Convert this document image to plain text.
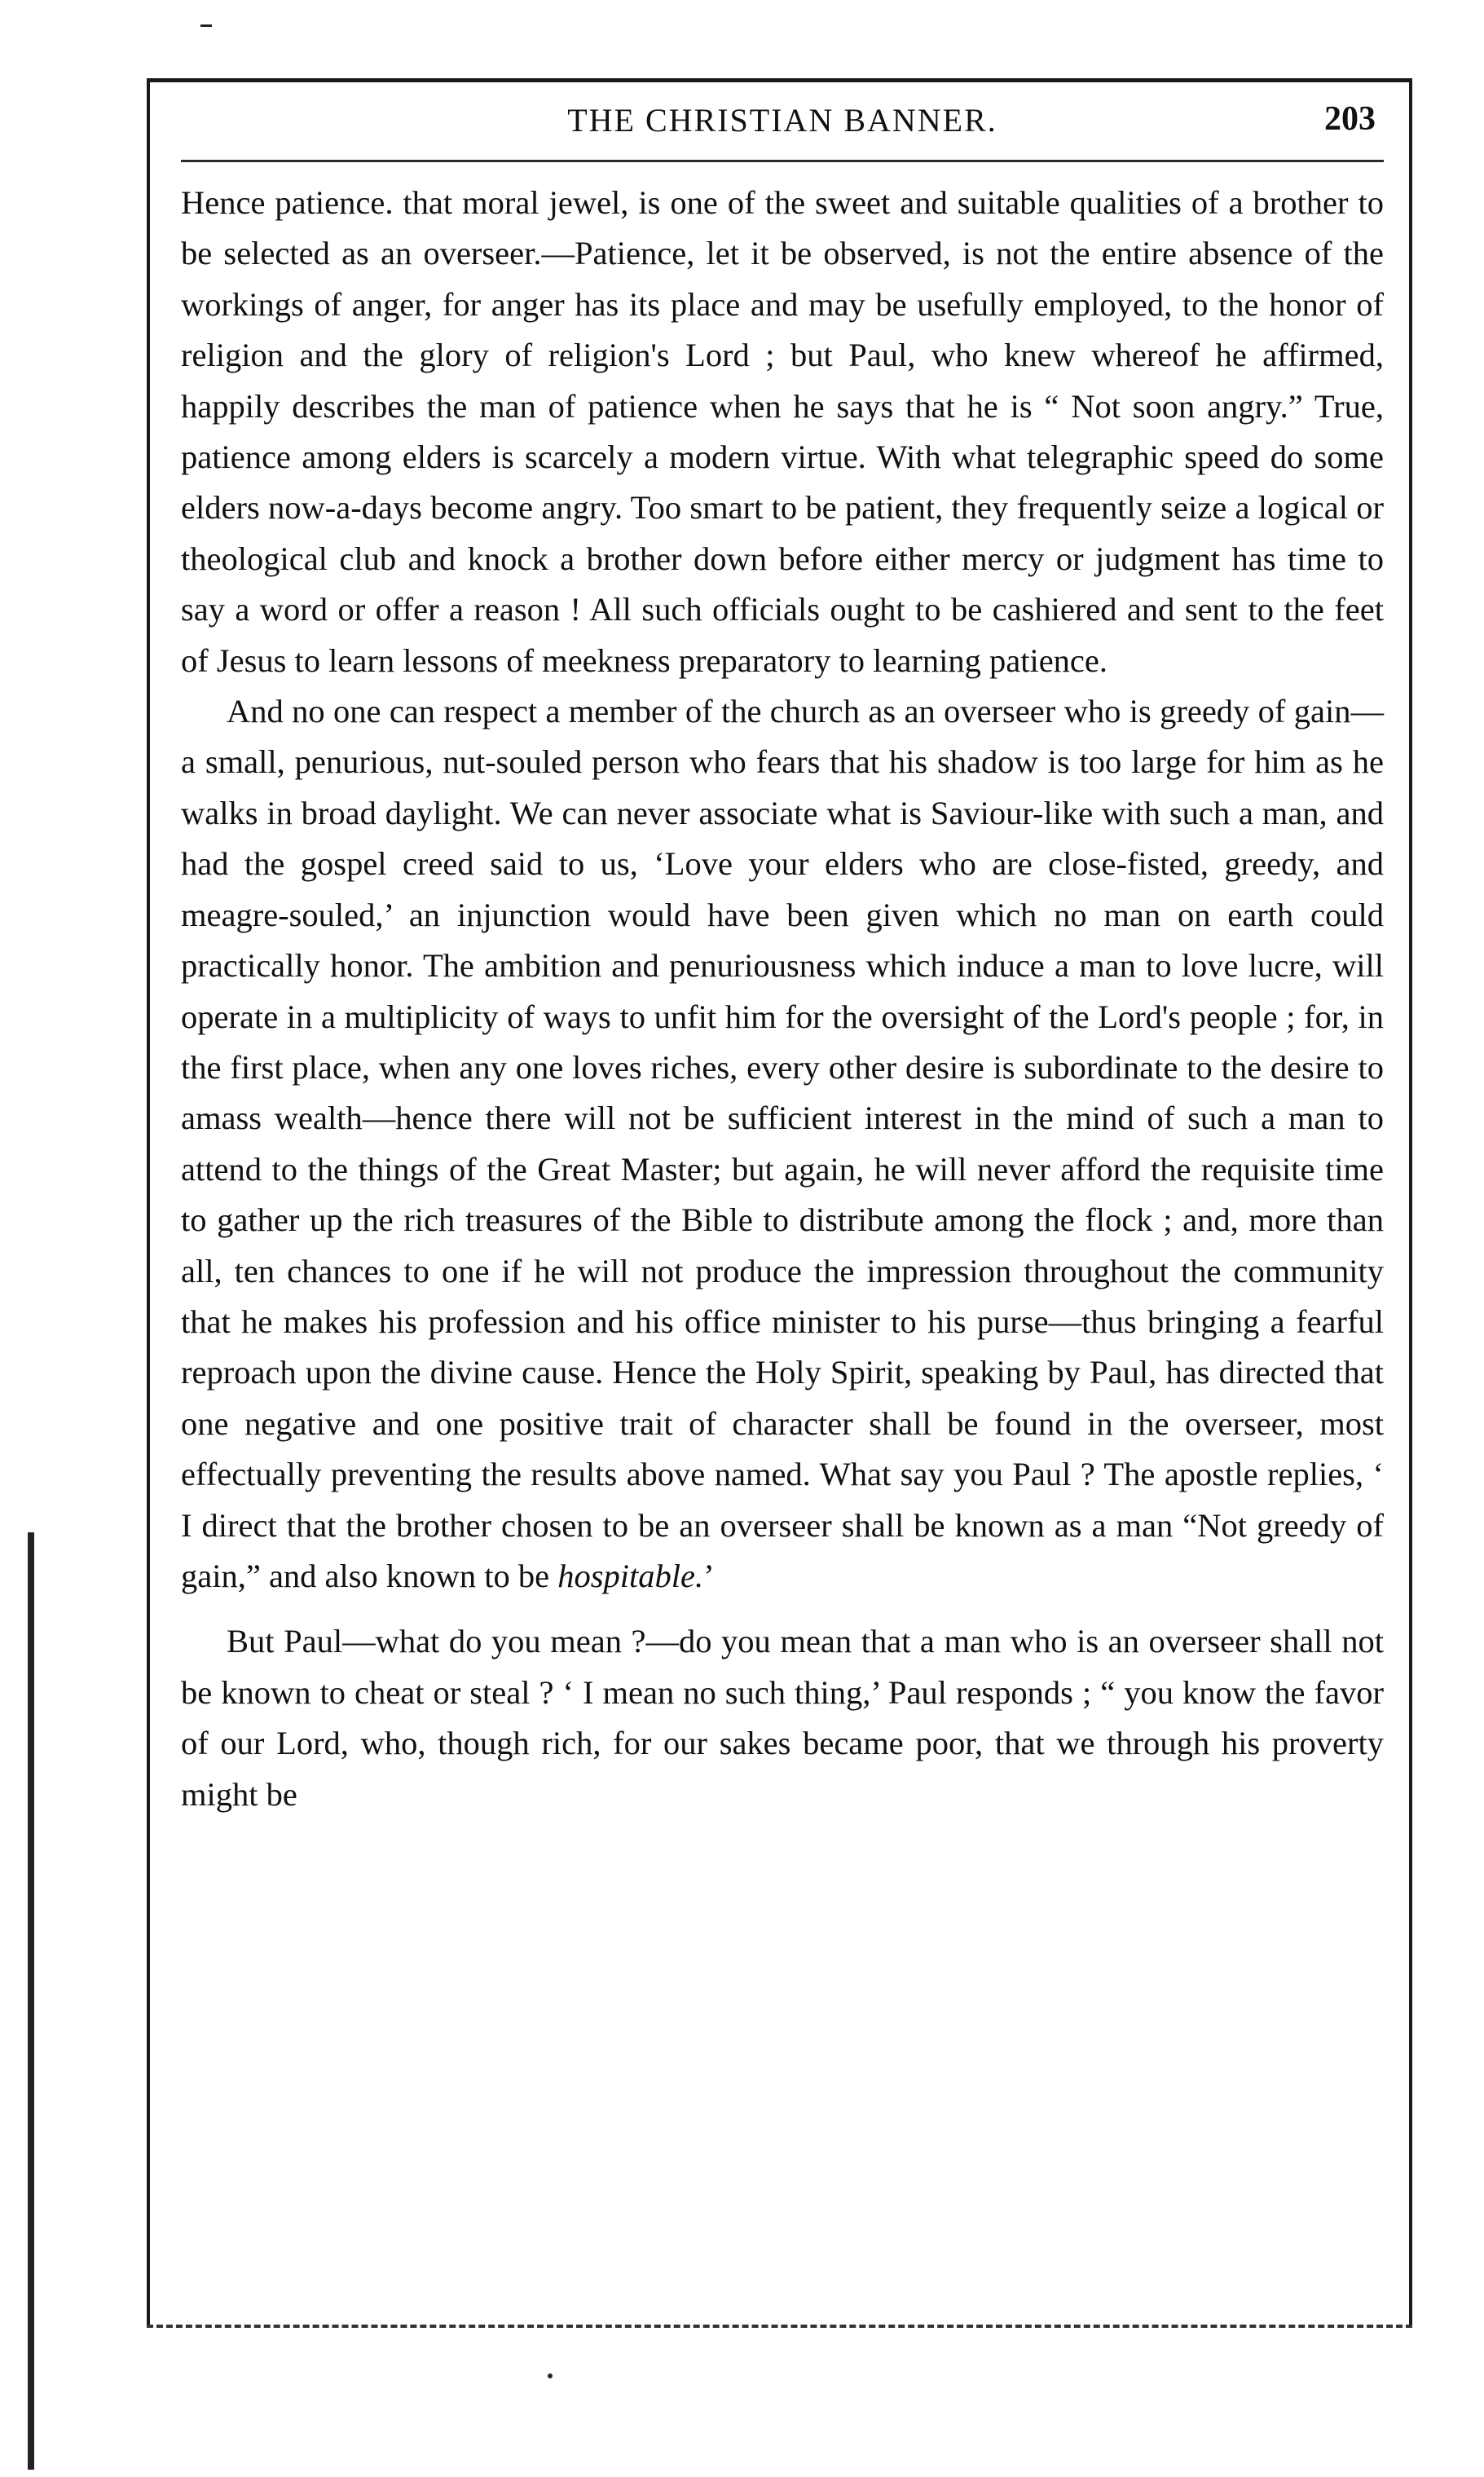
THE CHRISTIAN BANNER.	203

Hence patience. that moral jewel, is one of the sweet and suitable qualities of a brother to be selected as an overseer.—Patience, let it be observed, is not the entire absence of the workings of anger, for anger has its place and may be usefully employed, to the honor of religion and the glory of religion's Lord ; but Paul, who knew whereof he affirmed, happily describes the man of patience when he says that he is “ Not soon angry.” True, patience among elders is scarcely a modern virtue. With what telegraphic speed do some elders now-a-days become angry. Too smart to be patient, they frequently seize a logical or theological club and knock a brother down before either mercy or judgment has time to say a word or offer a reason ! All such officials ought to be cashiered and sent to the feet of Jesus to learn lessons of meekness preparatory to learning patience.

And no one can respect a member of the church as an overseer who is greedy of gain—a small, penurious, nut-souled person who fears that his shadow is too large for him as he walks in broad daylight. We can never associate what is Saviour-like with such a man, and had the gospel creed said to us, ‘Love your elders who are close-fisted, greedy, and meagre-souled,’ an injunction would have been given which no man on earth could practically honor. The ambition and penuriousness which induce a man to love lucre, will operate in a multiplicity of ways to unfit him for the oversight of the Lord's people ; for, in the first place, when any one loves riches, every other desire is subordinate to the desire to amass wealth—hence there will not be sufficient interest in the mind of such a man to attend to the things of the Great Master; but again, he will never afford the requisite time to gather up the rich treasures of the Bible to distribute among the flock ; and, more than all, ten chances to one if he will not produce the impression throughout the community that he makes his profession and his office minister to his purse—thus bringing a fearful reproach upon the divine cause. Hence the Holy Spirit, speaking by Paul, has directed that one negative and one positive trait of character shall be found in the overseer, most effectually preventing the results above named. What say you Paul ? The apostle replies, ‘ I direct that the brother chosen to be an overseer shall be known as a man “Not greedy of gain,” and also known to be hospitable.’

But Paul—what do you mean ?—do you mean that a man who is an overseer shall not be known to cheat or steal ? ‘ I mean no such thing,’ Paul responds ; “ you know the favor of our Lord, who, though rich, for our sakes became poor, that we through his proverty might be
